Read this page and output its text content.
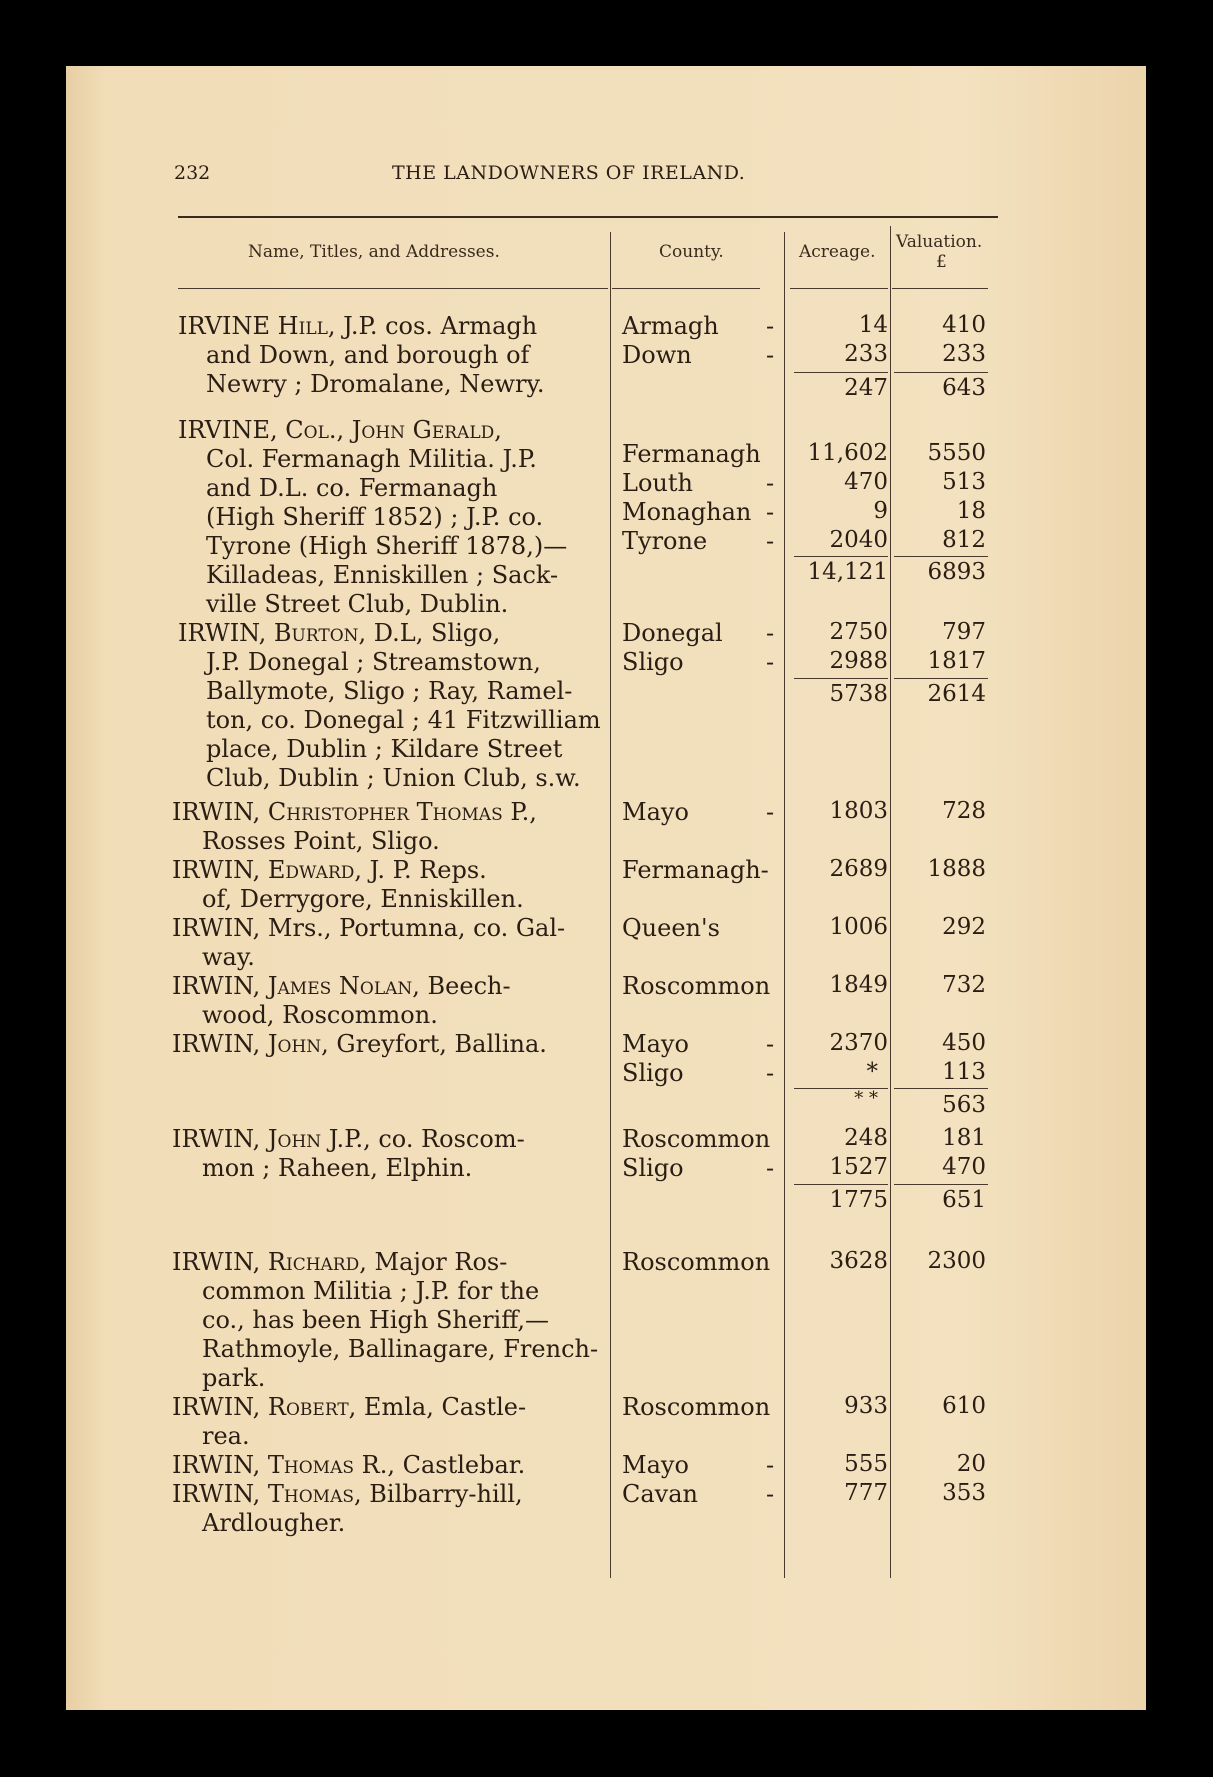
232	THE LANDOWNERS OF IRELAND.
Name, Titles, and Addresses.	County.	Acreage. Valuation.
£
IRVINE Hill, J.P. cos. Armagh
and Down, and borough of
Newry ; Dromalane, Newry.
Armagh -	14	410
Down	-	233	233
247	643
IRVINE, Col., John Gerald,
Col. Fermanagh Militia. J.P.
and D.L. co. Fermanagh
(High Sheriff 1852) ; J.P. co.
Tyrone (High Sheriff 1878,)—
Killadeas, Enniskillen ; Sack-
ville Street Club, Dublin.
Fermanagh	11,602	5550
Louth	-	470	513
Monaghan -	9	18
Tyrone -	2040	812
14,121	6893
IRWIN, Burton, D.L, Sligo,
J.P. Donegal ; Streamstown,
Ballymote, Sligo ; Ray, Ramel-
ton, co. Donegal ; 41 Fitzwilliam
place, Dublin ; Kildare Street
Club, Dublin ; Union Club, s.w.
Donegal -	2750	797
Sligo	-	2988	1817
5738	2614
IRWIN, Christopher Thomas P.,
Rosses Point, Sligo.
Mayo	-	1803	728
IRWIN, Edward, J. P. Reps.
of, Derrygore, Enniskillen.
Fermanagh-	2689	1888
IRWIN, Mrs., Portumna, co. Gal-
way.
Queen's	1006	292
IRWIN, James Nolan, Beech-
wood, Roscommon.
Roscommon	1849	732
IRWIN, John, Greyfort, Ballina.	Mayo	-	2370	450
Sligo	-	*	113
* *	563
IRWIN, John J.P., co. Roscom-
mon ; Raheen, Elphin.
Roscommon	248	181
Sligo	-	1527	470
1775	651
IRWIN, Richard, Major Ros-
common Militia ; J.P. for the
co., has been High Sheriff,—
Rathmoyle, Ballinagare, French-
park.
Roscommon	3628	2300
IRWIN, Robert, Emla, Castle-
rea.
Roscommon	933	610
IRWIN, Thomas R., Castlebar.	Mayo	-	555	20
IRWIN, Thomas, Bilbarry-hill,
Ardlougher.
Cavan	-	777	353
